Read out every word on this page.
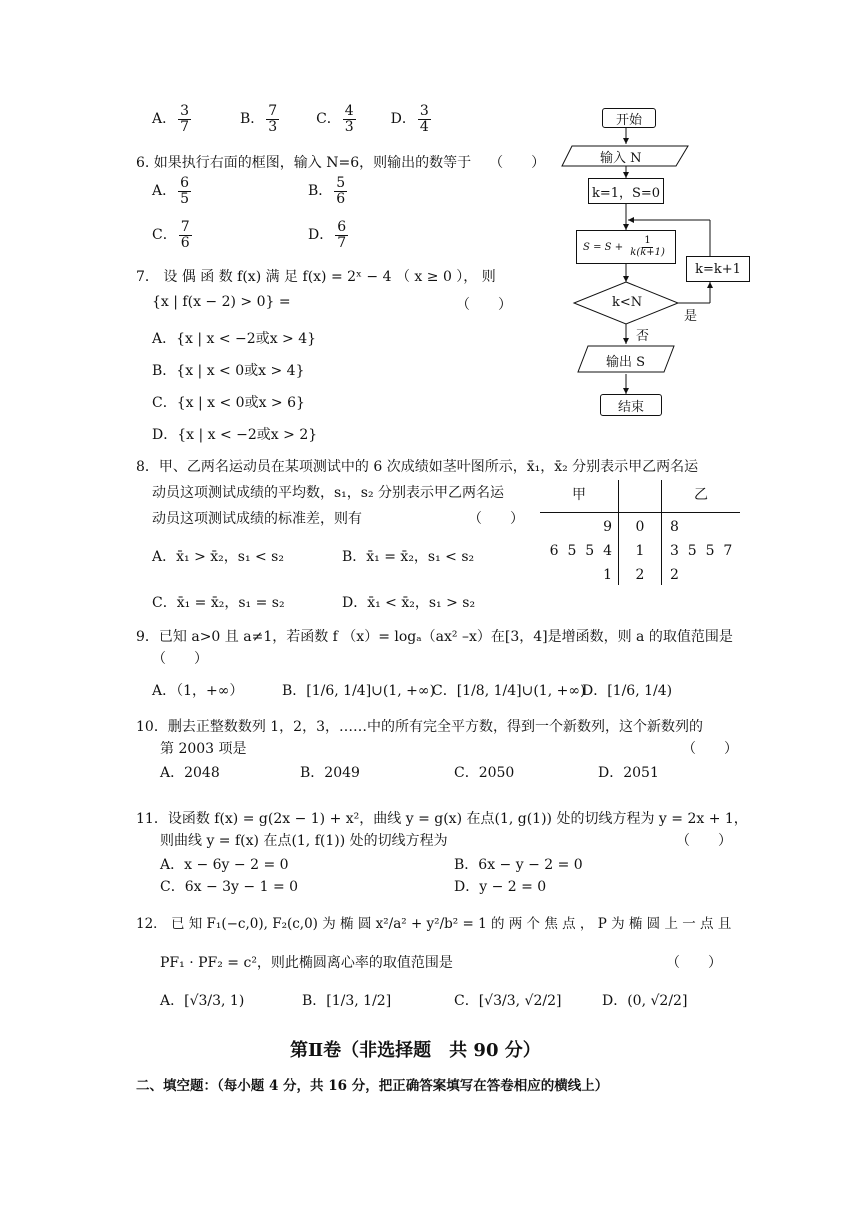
A． $\frac{3}{7}$	B． $\frac{7}{3}$	C． $\frac{4}{3}$ D． $\frac{3}{4}$
6. 如果执行右面的框图，输入 N=6，则输出的数等于 （　　）
A． $\frac{6}{5}$	B． $\frac{5}{6}$
C． $\frac{7}{6}$	D． $\frac{6}{7}$
7． 设 偶 函 数 f(x) 满 足 f(x) = 2ˣ − 4 （ x ≥ 0 ）， 则
{x | f(x − 2) > 0} =	（　　）
A．{x | x < −2或x > 4}
B．{x | x < 0或x > 4}
C．{x | x < 0或x > 6}
D．{x | x < −2或x > 2}
开始
输入 N
k=1，S=0
$S = S + \frac{1}{k(k+1)}$
k=k+1
k<N
是
否
输出 S
结束
8．甲、乙两名运动员在某项测试中的 6 次成绩如茎叶图所示，x̄₁，x̄₂ 分别表示甲乙两名运
动员这项测试成绩的平均数，s₁，s₂ 分别表示甲乙两名运
动员这项测试成绩的标准差，则有	（　　）
A．x̄₁ > x̄₂，s₁ < s₂	B．x̄₁ = x̄₂，s₁ < s₂
C．x̄₁ = x̄₂，s₁ = s₂	D．x̄₁ < x̄₂，s₁ > s₂
甲		乙
9	0	8
6  5  5  4	1	3  5  5  7
1	2	2
9．已知 a>0 且 a≠1，若函数 f （x）= logₐ（ax² –x）在[3，4]是增函数，则 a 的取值范围是
（　　）
A．（1，+∞）	B．[1/6, 1/4]∪(1, +∞)
C．[1/8, 1/4]∪(1, +∞)
D．[1/6, 1/4)
10．删去正整数数列 1，2，3，……中的所有完全平方数，得到一个新数列，这个新数列的
第 2003 项是	（　　）
A．2048	B．2049	C．2050	D．2051
11．设函数 f(x) = g(2x − 1) + x²，曲线 y = g(x) 在点(1, g(1)) 处的切线方程为 y = 2x + 1，
则曲线 y = f(x) 在点(1, f(1)) 处的切线方程为	（　　）
A．x − 6y − 2 = 0	B．6x − y − 2 = 0
C．6x − 3y − 1 = 0	D．y − 2 = 0
12． 已 知 F₁(−c,0), F₂(c,0) 为 椭 圆 x²/a² + y²/b² = 1 的 两 个 焦 点 ， P 为 椭 圆 上 一 点 且
PF₁ · PF₂ = c²，则此椭圆离心率的取值范围是	（　　）
A．[√3/3, 1)	B．[1/3, 1/2]	C．[√3/3, √2/2]	D．(0, √2/2]
第Ⅱ卷（非选择题　共 90 分）
二、填空题：（每小题 4 分，共 16 分，把正确答案填写在答卷相应的横线上）
